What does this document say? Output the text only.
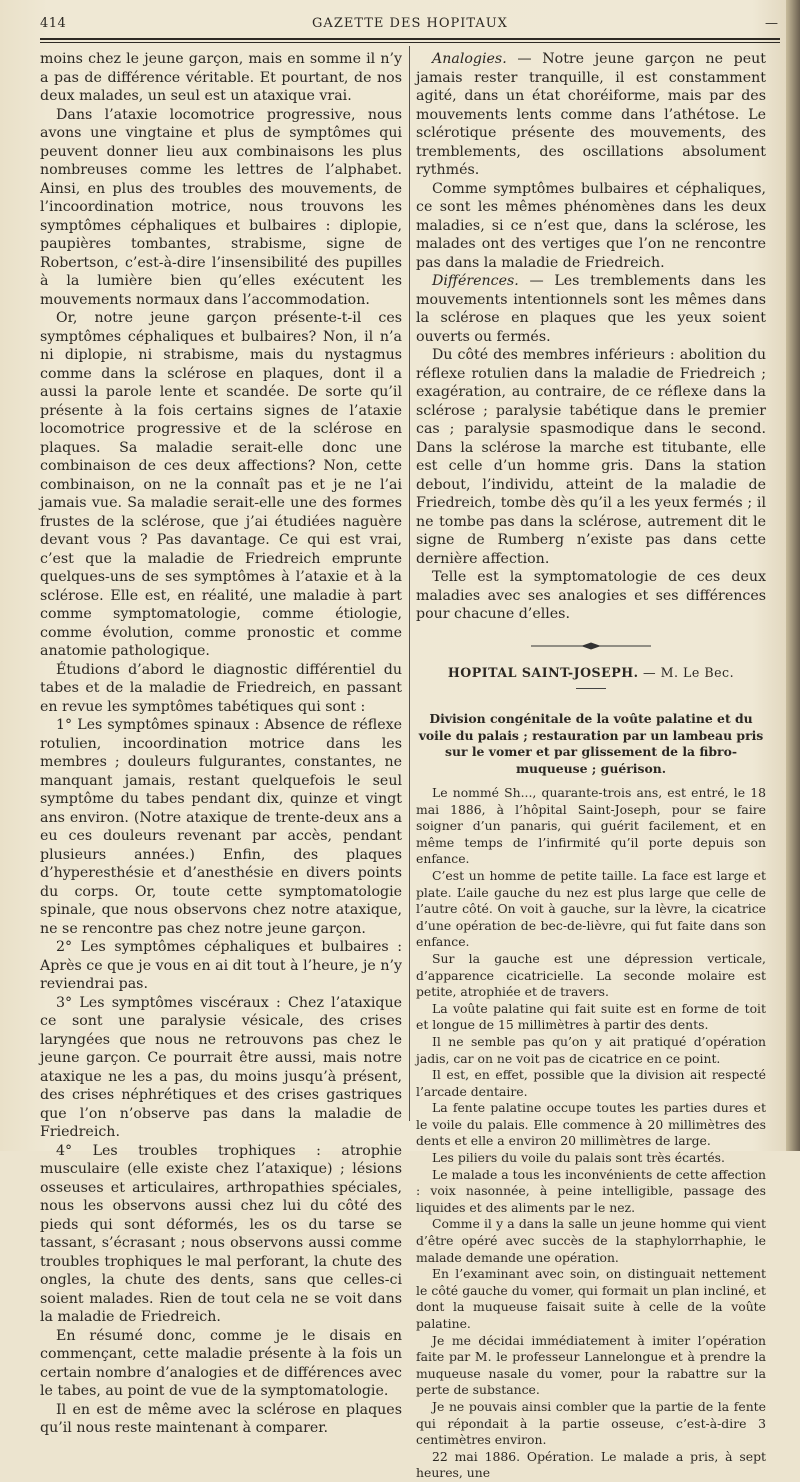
414	GAZETTE DES HOPITAUX	—

moins chez le jeune garçon, mais en somme il n’y a pas de différence véritable. Et pourtant, de nos deux malades, un seul est un ataxique vrai.

Dans l’ataxie locomotrice progressive, nous avons une vingtaine et plus de symptômes qui peuvent donner lieu aux combinaisons les plus nombreuses comme les lettres de l’alphabet. Ainsi, en plus des troubles des mouvements, de l’incoordination motrice, nous trouvons les symptômes céphaliques et bulbaires : diplopie, paupières tombantes, strabisme, signe de Robertson, c’est-à-dire l’insensibilité des pupilles à la lumière bien qu’elles exécutent les mouvements normaux dans l’accommodation.

Or, notre jeune garçon présente-t-il ces symptômes céphaliques et bulbaires? Non, il n’a ni diplopie, ni strabisme, mais du nystagmus comme dans la sclérose en plaques, dont il a aussi la parole lente et scandée. De sorte qu’il présente à la fois certains signes de l’ataxie locomotrice progressive et de la sclérose en plaques. Sa maladie serait-elle donc une combinaison de ces deux affections? Non, cette combinaison, on ne la connaît pas et je ne l’ai jamais vue. Sa maladie serait-elle une des formes frustes de la sclérose, que j’ai étudiées naguère devant vous ? Pas davantage. Ce qui est vrai, c’est que la maladie de Friedreich emprunte quelques-uns de ses symptômes à l’ataxie et à la sclérose. Elle est, en réalité, une maladie à part comme symptomatologie, comme étiologie, comme évolution, comme pronostic et comme anatomie pathologique.

Étudions d’abord le diagnostic différentiel du tabes et de la maladie de Friedreich, en passant en revue les symptômes tabétiques qui sont :

1° Les symptômes spinaux : Absence de réflexe rotulien, incoordination motrice dans les membres ; douleurs fulgurantes, constantes, ne manquant jamais, restant quelquefois le seul symptôme du tabes pendant dix, quinze et vingt ans environ. (Notre ataxique de trente-deux ans a eu ces douleurs revenant par accès, pendant plusieurs années.) Enfin, des plaques d’hyperesthésie et d’anesthésie en divers points du corps. Or, toute cette symptomatologie spinale, que nous observons chez notre ataxique, ne se rencontre pas chez notre jeune garçon.

2° Les symptômes céphaliques et bulbaires : Après ce que je vous en ai dit tout à l’heure, je n’y reviendrai pas.

3° Les symptômes viscéraux : Chez l’ataxique ce sont une paralysie vésicale, des crises laryngées que nous ne retrouvons pas chez le jeune garçon. Ce pourrait être aussi, mais notre ataxique ne les a pas, du moins jusqu’à présent, des crises néphrétiques et des crises gastriques que l’on n’observe pas dans la maladie de Friedreich.

4° Les troubles trophiques : atrophie musculaire (elle existe chez l’ataxique) ; lésions osseuses et articulaires, arthropathies spéciales, nous les observons aussi chez lui du côté des pieds qui sont déformés, les os du tarse se tassant, s’écrasant ; nous observons aussi comme troubles trophiques le mal perforant, la chute des ongles, la chute des dents, sans que celles-ci soient malades. Rien de tout cela ne se voit dans la maladie de Friedreich.

En résumé donc, comme je le disais en commençant, cette maladie présente à la fois un certain nombre d’analogies et de différences avec le tabes, au point de vue de la symptomatologie.

Il en est de même avec la sclérose en plaques qu’il nous reste maintenant à comparer.

Analogies. — Notre jeune garçon ne peut jamais rester tranquille, il est constamment agité, dans un état choréiforme, mais par des mouvements lents comme dans l’athétose. Le sclérotique présente des mouvements, des tremblements, des oscillations absolument rythmés.

Comme symptômes bulbaires et céphaliques, ce sont les mêmes phénomènes dans les deux maladies, si ce n’est que, dans la sclérose, les malades ont des vertiges que l’on ne rencontre pas dans la maladie de Friedreich.

Différences. — Les tremblements dans les mouvements intentionnels sont les mêmes dans la sclérose en plaques que les yeux soient ouverts ou fermés.

Du côté des membres inférieurs : abolition du réflexe rotulien dans la maladie de Friedreich ; exagération, au contraire, de ce réflexe dans la sclérose ; paralysie tabétique dans le premier cas ; paralysie spasmodique dans le second. Dans la sclérose la marche est titubante, elle est celle d’un homme gris. Dans la station debout, l’individu, atteint de la maladie de Friedreich, tombe dès qu’il a les yeux fermés ; il ne tombe pas dans la sclérose, autrement dit le signe de Rumberg n’existe pas dans cette dernière affection.

Telle est la symptomatologie de ces deux maladies avec ses analogies et ses différences pour chacune d’elles.

HOPITAL SAINT-JOSEPH. — M. Le Bec.
Division congénitale de la voûte palatine et du voile du palais ; restauration par un lambeau pris sur le vomer et par glissement de la fibro-muqueuse ; guérison.

Le nommé Sh..., quarante-trois ans, est entré, le 18 mai 1886, à l’hôpital Saint-Joseph, pour se faire soigner d’un panaris, qui guérit facilement, et en même temps de l’infirmité qu’il porte depuis son enfance.

C’est un homme de petite taille. La face est large et plate. L’aile gauche du nez est plus large que celle de l’autre côté. On voit à gauche, sur la lèvre, la cicatrice d’une opération de bec-de-lièvre, qui fut faite dans son enfance.

Sur la gauche est une dépression verticale, d’apparence cicatricielle. La seconde molaire est petite, atrophiée et de travers.

La voûte palatine qui fait suite est en forme de toit et longue de 15 millimètres à partir des dents.

Il ne semble pas qu’on y ait pratiqué d’opération jadis, car on ne voit pas de cicatrice en ce point.

Il est, en effet, possible que la division ait respecté l’arcade dentaire.

La fente palatine occupe toutes les parties dures et le voile du palais. Elle commence à 20 millimètres des dents et elle a environ 20 millimètres de large.

Les piliers du voile du palais sont très écartés.

Le malade a tous les inconvénients de cette affection : voix nasonnée, à peine intelligible, passage des liquides et des aliments par le nez.

Comme il y a dans la salle un jeune homme qui vient d’être opéré avec succès de la staphylorrhaphie, le malade demande une opération.

En l’examinant avec soin, on distinguait nettement le côté gauche du vomer, qui formait un plan incliné, et dont la muqueuse faisait suite à celle de la voûte palatine.

Je me décidai immédiatement à imiter l’opération faite par M. le professeur Lannelongue et à prendre la muqueuse nasale du vomer, pour la rabattre sur la perte de substance.

Je ne pouvais ainsi combler que la partie de la fente qui répondait à la partie osseuse, c’est-à-dire 3 centimètres environ.

22 mai 1886. Opération. Le malade a pris, à sept heures, une
